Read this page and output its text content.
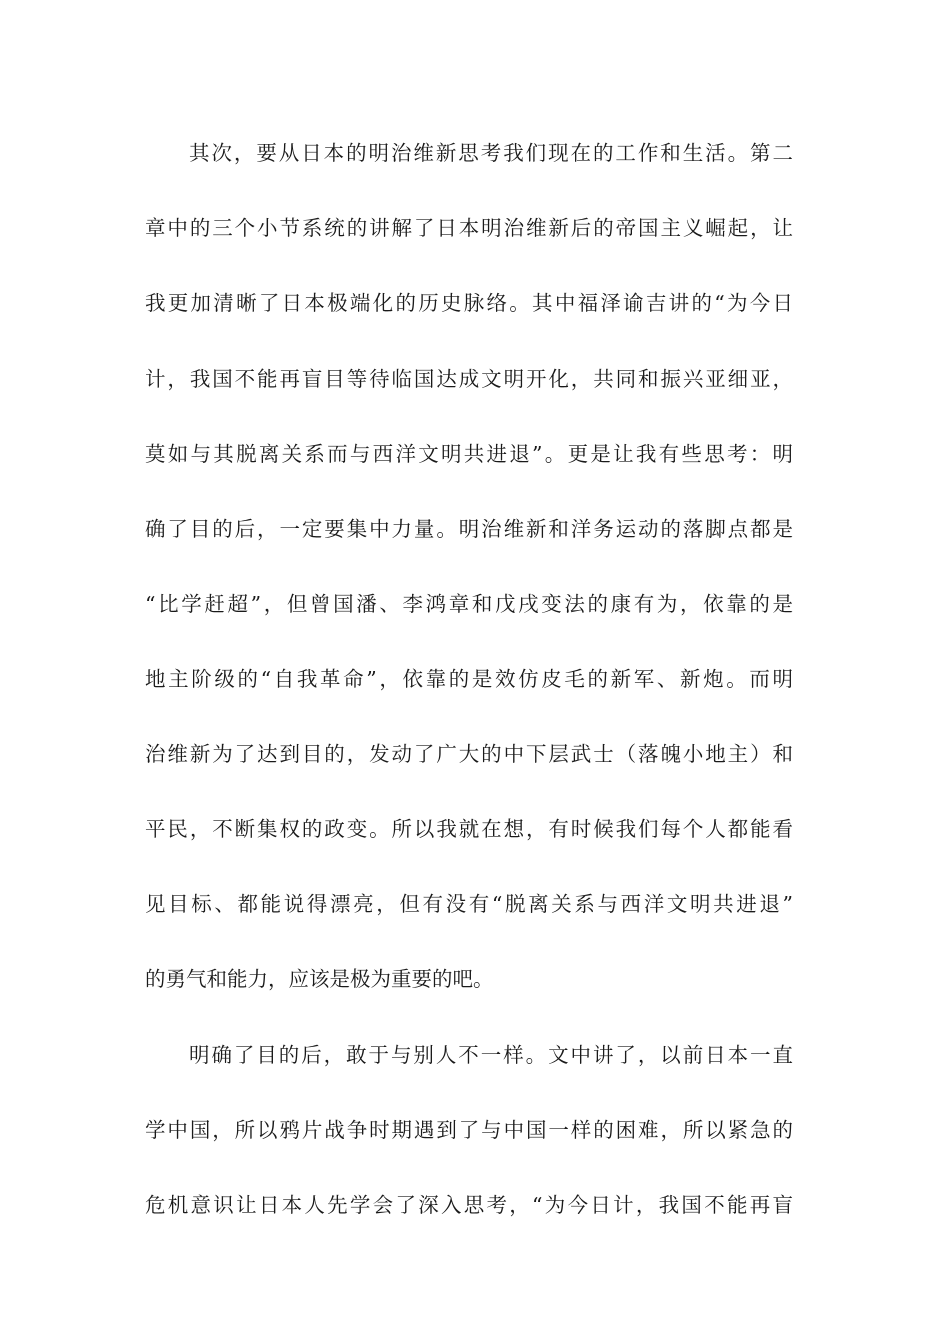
其次，要从日本的明治维新思考我们现在的工作和生活。第二
章中的三个小节系统的讲解了日本明治维新后的帝国主义崛起，让
我更加清晰了日本极端化的历史脉络。其中福泽谕吉讲的“为今日
计，我国不能再盲目等待临国达成文明开化，共同和振兴亚细亚，
莫如与其脱离关系而与西洋文明共进退”。更是让我有些思考：明
确了目的后，一定要集中力量。明治维新和洋务运动的落脚点都是
“比学赶超”，但曾国潘、李鸿章和戊戌变法的康有为，依靠的是
地主阶级的“自我革命”，依靠的是效仿皮毛的新军、新炮。而明
治维新为了达到目的，发动了广大的中下层武士（落魄小地主）和
平民，不断集权的政变。所以我就在想，有时候我们每个人都能看
见目标、都能说得漂亮，但有没有“脱离关系与西洋文明共进退”
的勇气和能力，应该是极为重要的吧。
明确了目的后，敢于与别人不一样。文中讲了，以前日本一直
学中国，所以鸦片战争时期遇到了与中国一样的困难，所以紧急的
危机意识让日本人先学会了深入思考，“为今日计，我国不能再盲
